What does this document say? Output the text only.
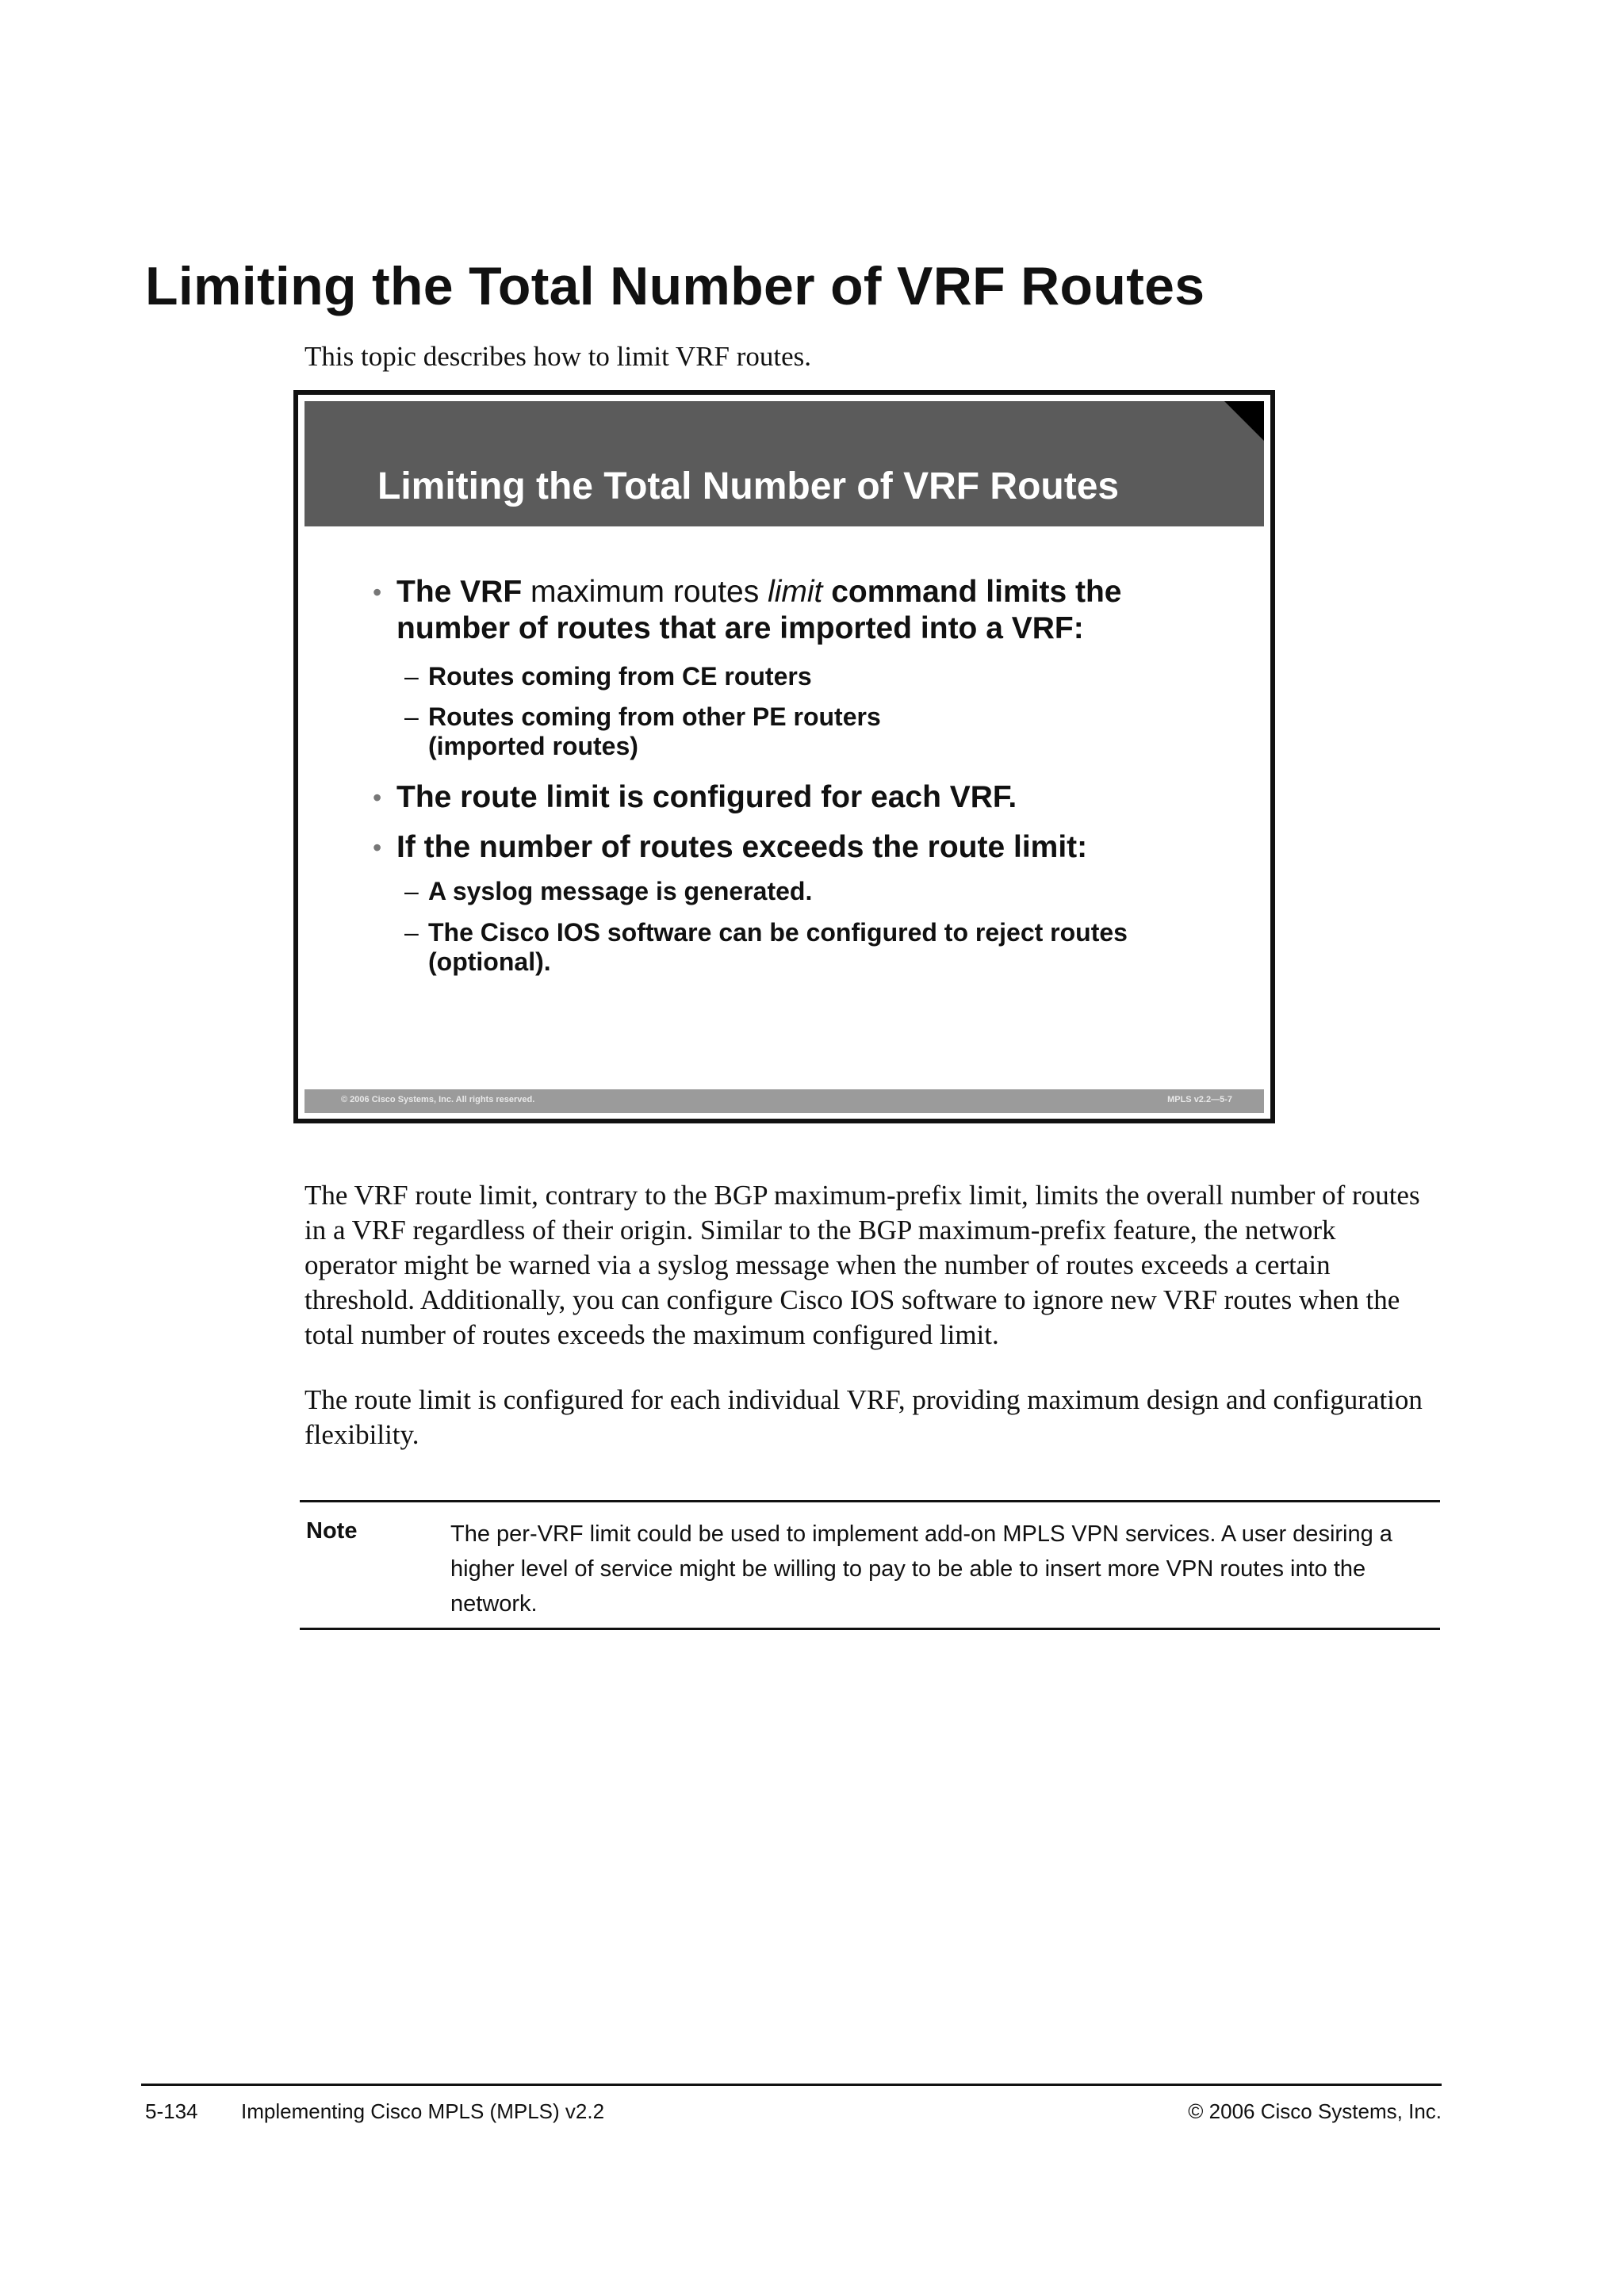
Limiting the Total Number of VRF Routes
This topic describes how to limit VRF routes.
Limiting the Total Number of VRF Routes
• The VRF maximum routes limit command limits the
number of routes that are imported into a VRF:
– Routes coming from CE routers
– Routes coming from other PE routers
(imported routes)
• The route limit is configured for each VRF.
• If the number of routes exceeds the route limit:
– A syslog message is generated.
– The Cisco IOS software can be configured to reject routes
(optional).
© 2006 Cisco Systems, Inc. All rights reserved.	MPLS v2.2—5-7
The VRF route limit, contrary to the BGP maximum-prefix limit, limits the overall number of routes in a VRF regardless of their origin. Similar to the BGP maximum-prefix feature, the network operator might be warned via a syslog message when the number of routes exceeds a certain threshold. Additionally, you can configure Cisco IOS software to ignore new VRF routes when the total number of routes exceeds the maximum configured limit.
The route limit is configured for each individual VRF, providing maximum design and configuration flexibility.
Note	The per-VRF limit could be used to implement add-on MPLS VPN services. A user desiring a higher level of service might be willing to pay to be able to insert more VPN routes into the network.
5-134 Implementing Cisco MPLS (MPLS) v2.2	© 2006 Cisco Systems, Inc.
